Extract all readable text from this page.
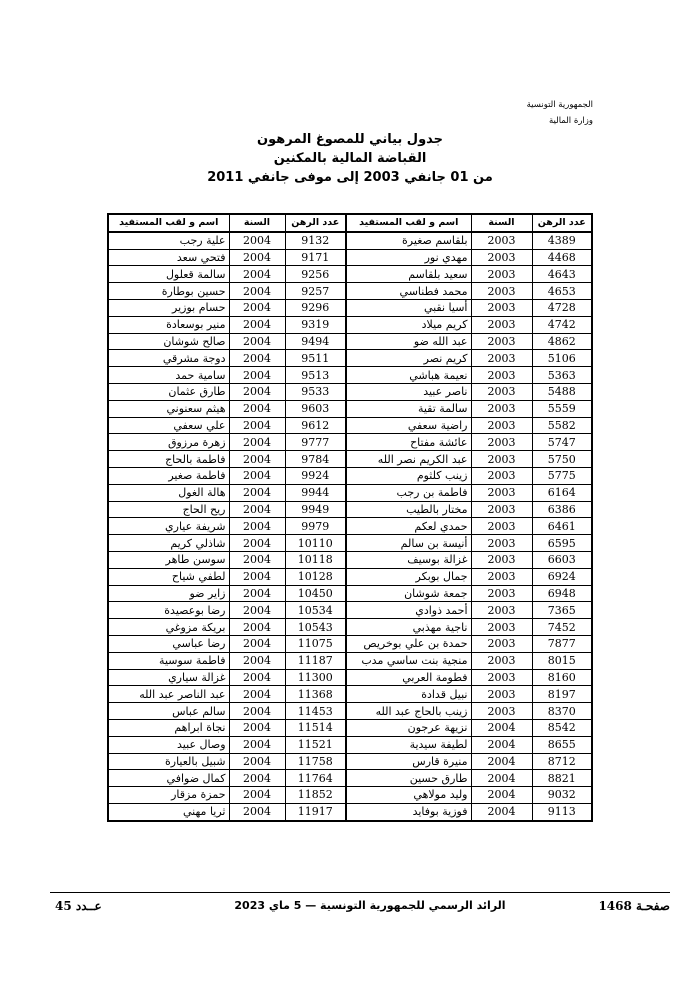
الجمهورية التونسية
وزارة المالية
جدول بياني للمصوغ المرهون
القباضة المالية بالمكنين
من 01 جانفي 2003 إلى موفى جانفي 2011
عدد الرهن	السنة	اسم و لقب المستفيد	عدد الرهن	السنة	اسم و لقب المستفيد
4389	2003	بلقاسم صغيرة	9132	2004	علية رجب
4468	2003	مهدي نور	9171	2004	فتحي سعد
4643	2003	سعيد بلقاسم	9256	2004	سالمة قعلول
4653	2003	محمد فطناسي	9257	2004	حسين بوطارة
4728	2003	أسيا نقبي	9296	2004	حسام بوزير
4742	2003	كريم ميلاد	9319	2004	منير بوسعادة
4862	2003	عبد الله ضو	9494	2004	صالح شوشان
5106	2003	كريم نصر	9511	2004	دوجة مشرقي
5363	2003	نعيمة هباشي	9513	2004	سامية حمد
5488	2003	ناصر عبيد	9533	2004	طارق عثمان
5559	2003	سالمة تقية	9603	2004	هيثم سعنوني
5582	2003	راضية سعفي	9612	2004	علي سعفي
5747	2003	عائشة مفتاح	9777	2004	زهرة مرزوق
5750	2003	عبد الكريم نصر الله	9784	2004	فاطمة بالحاج
5775	2003	زينب كلثوم	9924	2004	فاطمة صغير
6164	2003	فاطمة بن رجب	9944	2004	هالة الغول
6386	2003	مختار بالطيب	9949	2004	ريح الحاج
6461	2003	حمدي لعكم	9979	2004	شريفة عياري
6595	2003	أنيسة بن سالم	10110	2004	شاذلي كريم
6603	2003	غزالة بوسيف	10118	2004	سوسن طاهر
6924	2003	جمال بوبكر	10128	2004	لطفي شياح
6948	2003	جمعة شوشان	10450	2004	زاير ضو
7365	2003	أحمد ذوادي	10534	2004	رضا بوعصيدة
7452	2003	ناجية مهذبي	10543	2004	بريكة مزوغي
7877	2003	حمدة بن علي بوخريص	11075	2004	رضا عباسي
8015	2003	منجية بنت ساسي مدب	11187	2004	فاطمة سوسية
8160	2003	فطومة العربي	11300	2004	غزالة سياري
8197	2003	نبيل قدادة	11368	2004	عبد الناصر عبد الله
8370	2003	زينب بالحاج عبد الله	11453	2004	سالم عباس
8542	2004	نزيهة عرجون	11514	2004	نجاة ابراهم
8655	2004	لطيفة سيدية	11521	2004	وصال عبيد
8712	2004	منيرة قارس	11758	2004	شبيل بالعيارة
8821	2004	طارق حسين	11764	2004	كمال ضوافي
9032	2004	وليد مولاهي	11852	2004	حمزة مزقار
9113	2004	فوزية بوفايد	11917	2004	ثريا مهني
صفحـة 1468
الرائد الرسمي للجمهورية التونسية — 5 ماي 2023
عــدد 45
